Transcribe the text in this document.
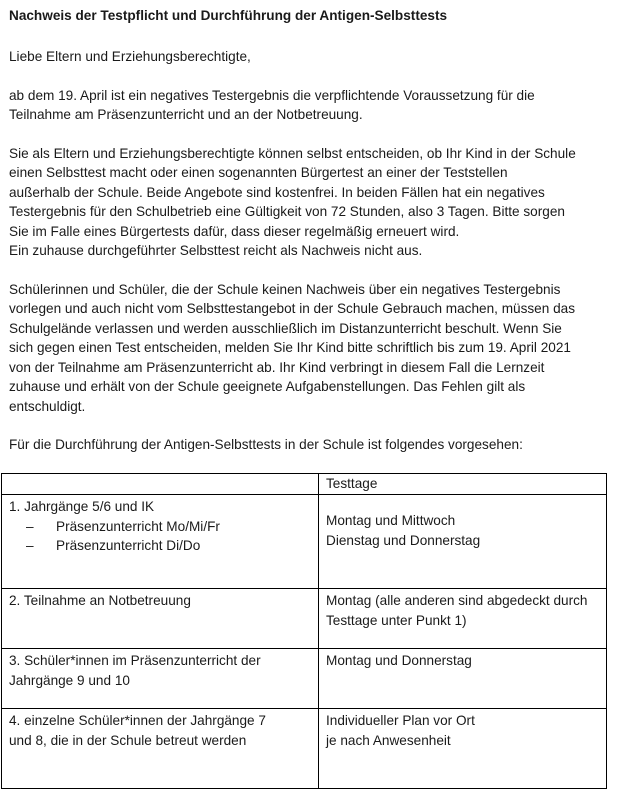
Nachweis der Testpflicht und Durchführung der Antigen-Selbsttests

Liebe Eltern und Erziehungsberechtigte,

ab dem 19. April ist ein negatives Testergebnis die verpflichtende Voraussetzung für die
Teilnahme am Präsenzunterricht und an der Notbetreuung.

Sie als Eltern und Erziehungsberechtigte können selbst entscheiden, ob Ihr Kind in der Schule
einen Selbsttest macht oder einen sogenannten Bürgertest an einer der Teststellen
außerhalb der Schule. Beide Angebote sind kostenfrei. In beiden Fällen hat ein negatives
Testergebnis für den Schulbetrieb eine Gültigkeit von 72 Stunden, also 3 Tagen. Bitte sorgen
Sie im Falle eines Bürgertests dafür, dass dieser regelmäßig erneuert wird.
Ein zuhause durchgeführter Selbsttest reicht als Nachweis nicht aus.

Schülerinnen und Schüler, die der Schule keinen Nachweis über ein negatives Testergebnis
vorlegen und auch nicht vom Selbsttestangebot in der Schule Gebrauch machen, müssen das
Schulgelände verlassen und werden ausschließlich im Distanzunterricht beschult. Wenn Sie
sich gegen einen Test entscheiden, melden Sie Ihr Kind bitte schriftlich bis zum 19. April 2021
von der Teilnahme am Präsenzunterricht ab. Ihr Kind verbringt in diesem Fall die Lernzeit
zuhause und erhält von der Schule geeignete Aufgabenstellungen. Das Fehlen gilt als
entschuldigt.

Für die Durchführung der Antigen-Selbsttests in der Schule ist folgendes vorgesehen:

	Testtage

1. Jahrgänge 5/6 und IK
– Präsenzunterricht Mo/Mi/Fr
– Präsenzunterricht Di/Do	Montag und Mittwoch
Dienstag und Donnerstag

2. Teilnahme an Notbetreuung	Montag (alle anderen sind abgedeckt durch
Testtage unter Punkt 1)

3. Schüler*innen im Präsenzunterricht der
Jahrgänge 9 und 10	Montag und Donnerstag

4. einzelne Schüler*innen der Jahrgänge 7
und 8, die in der Schule betreut werden	Individueller Plan vor Ort
je nach Anwesenheit
